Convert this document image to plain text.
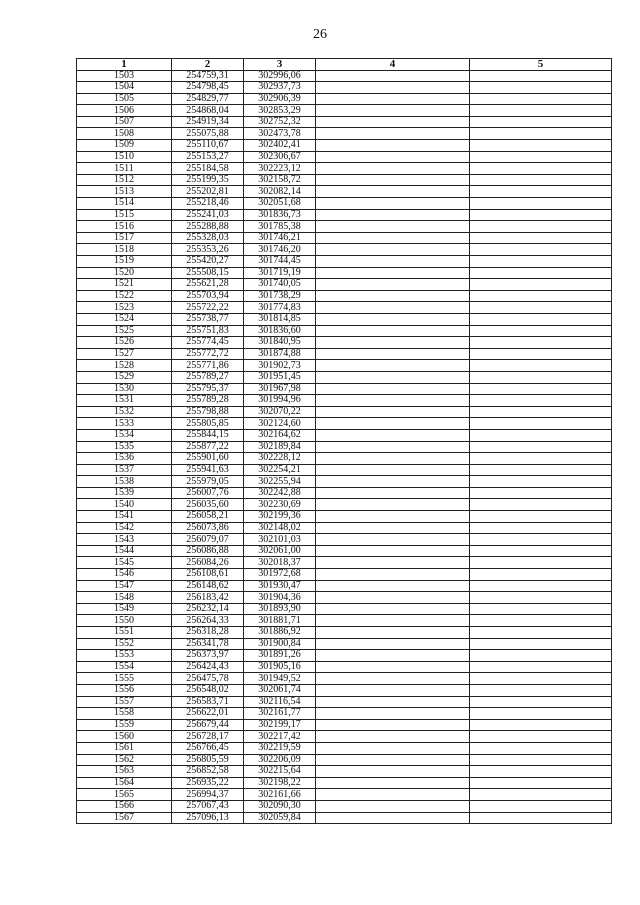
26
1	2	3	4	5
1503	254759,31	302996,06		
1504	254798,45	302937,73		
1505	254829,77	302906,39		
1506	254868,04	302853,29		
1507	254919,34	302752,32		
1508	255075,88	302473,78		
1509	255110,67	302402,41		
1510	255153,27	302306,67		
1511	255184,58	302223,12		
1512	255199,35	302158,72		
1513	255202,81	302082,14		
1514	255218,46	302051,68		
1515	255241,03	301836,73		
1516	255288,88	301785,38		
1517	255328,03	301746,21		
1518	255353,26	301746,20		
1519	255420,27	301744,45		
1520	255508,15	301719,19		
1521	255621,28	301740,05		
1522	255703,94	301738,29		
1523	255722,22	301774,83		
1524	255738,77	301814,85		
1525	255751,83	301836,60		
1526	255774,45	301840,95		
1527	255772,72	301874,88		
1528	255771,86	301902,73		
1529	255789,27	301951,45		
1530	255795,37	301967,98		
1531	255789,28	301994,96		
1532	255798,88	302070,22		
1533	255805,85	302124,60		
1534	255844,15	302164,62		
1535	255877,22	302189,84		
1536	255901,60	302228,12		
1537	255941,63	302254,21		
1538	255979,05	302255,94		
1539	256007,76	302242,88		
1540	256035,60	302230,69		
1541	256058,21	302199,36		
1542	256073,86	302148,02		
1543	256079,07	302101,03		
1544	256086,88	302061,00		
1545	256084,26	302018,37		
1546	256108,61	301972,68		
1547	256148,62	301930,47		
1548	256183,42	301904,36		
1549	256232,14	301893,90		
1550	256264,33	301881,71		
1551	256318,28	301886,92		
1552	256341,78	301900,84		
1553	256373,97	301891,26		
1554	256424,43	301905,16		
1555	256475,78	301949,52		
1556	256548,02	302061,74		
1557	256583,71	302116,54		
1558	256622,01	302161,77		
1559	256679,44	302199,17		
1560	256728,17	302217,42		
1561	256766,45	302219,59		
1562	256805,59	302206,09		
1563	256852,58	302215,64		
1564	256935,22	302198,22		
1565	256994,37	302161,66		
1566	257067,43	302090,30		
1567	257096,13	302059,84		
